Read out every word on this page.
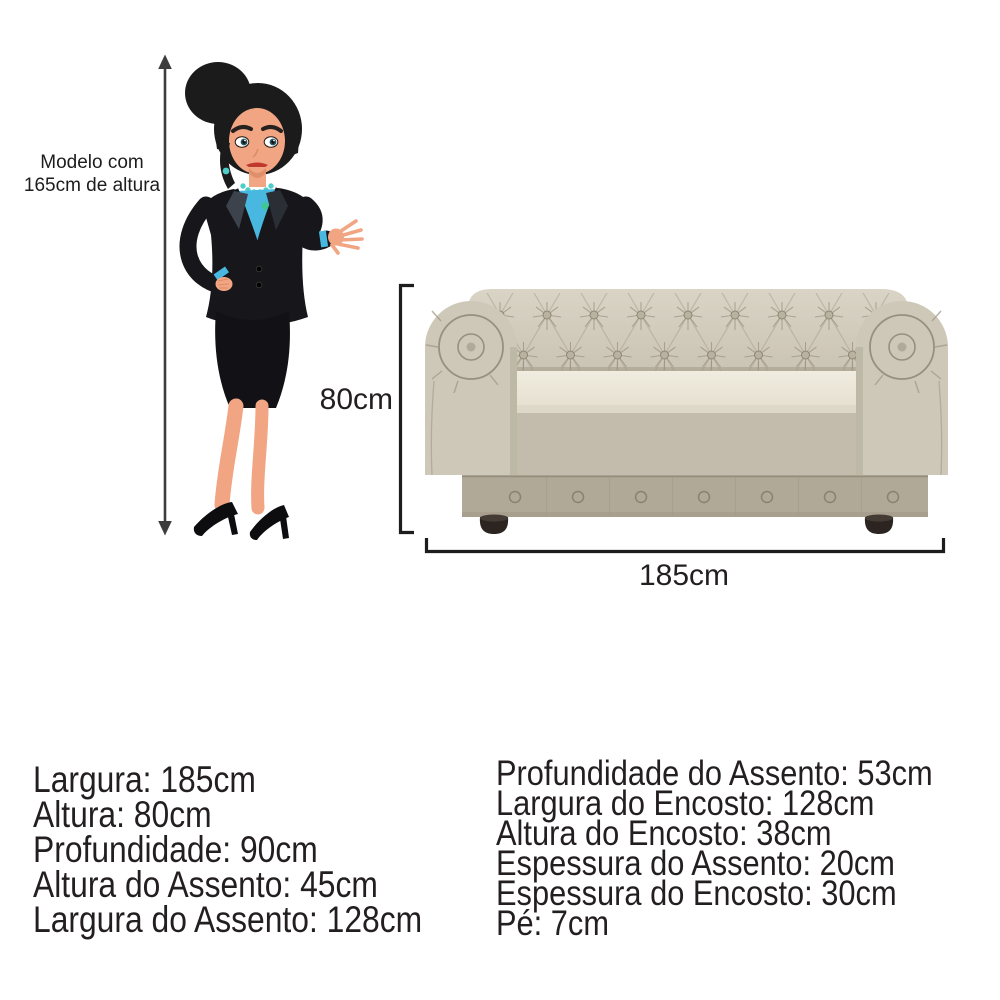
Modelo com
165cm de altura
80cm
185cm
Largura: 185cm
Altura: 80cm
Profundidade: 90cm
Altura do Assento: 45cm
Largura do Assento: 128cm
Profundidade do Assento: 53cm
Largura do Encosto: 128cm
Altura do Encosto: 38cm
Espessura do Assento: 20cm
Espessura do Encosto: 30cm
Pé: 7cm
